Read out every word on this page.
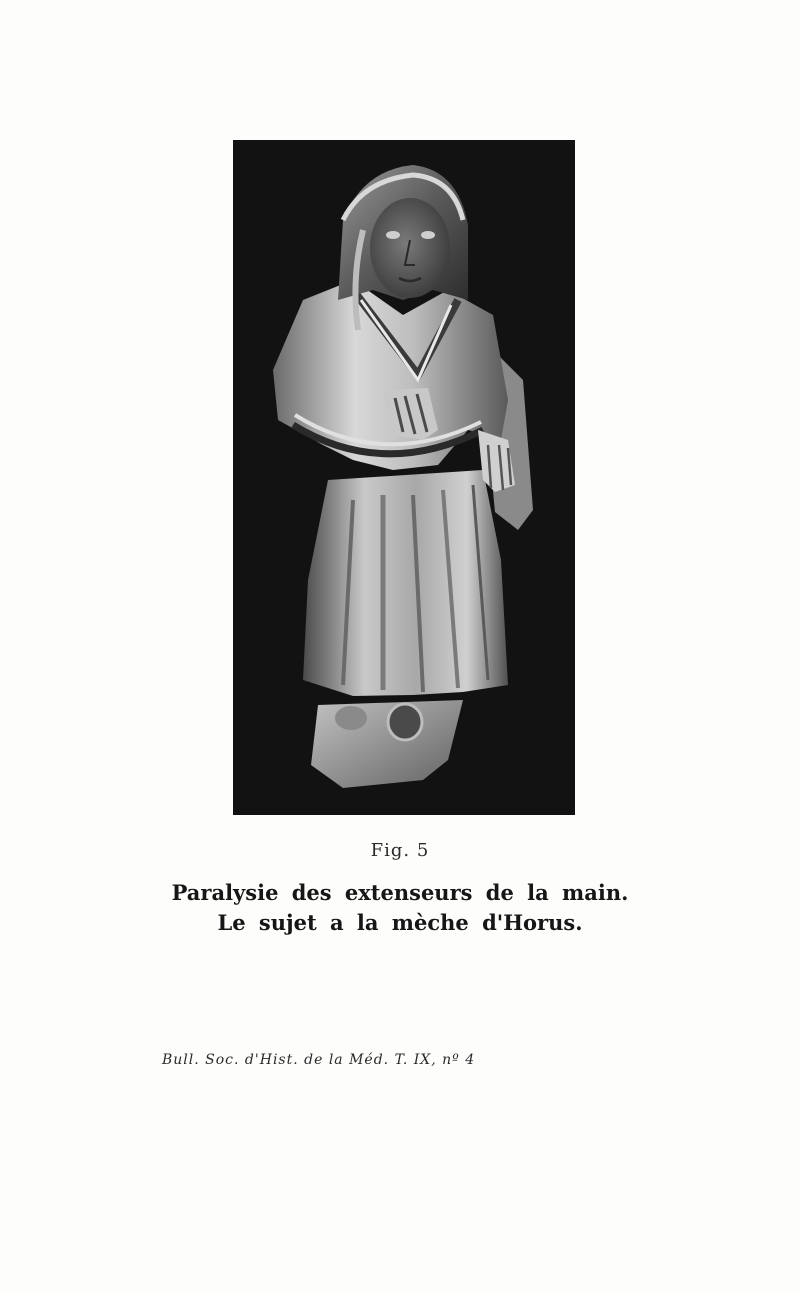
Fig. 5
Paralysie des extenseurs de la main.
Le sujet a la mèche d'Horus.
Bull. Soc. d'Hist. de la Méd. T. IX, nº 4
